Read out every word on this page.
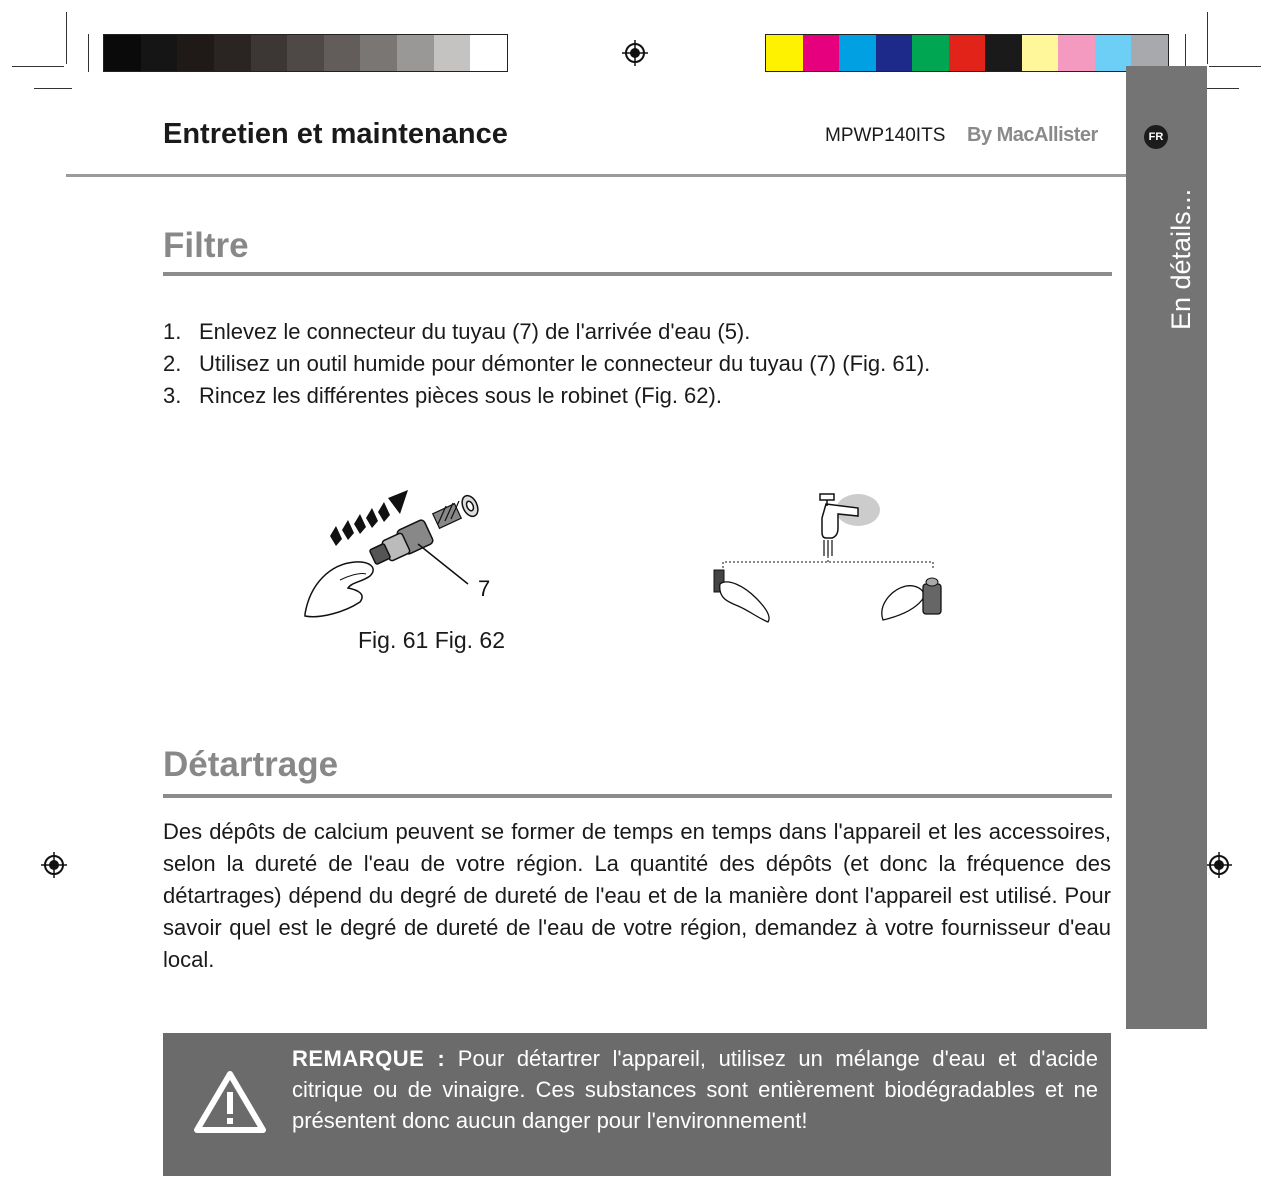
FR
En détails...
Entretien et maintenance	MPWP140ITS By MacAllister
Filtre
1. Enlevez le connecteur du tuyau (7) de l'arrivée d'eau (5).
2. Utilisez un outil humide pour démonter le connecteur du tuyau (7) (Fig. 61).
3. Rincez les différentes pièces sous le robinet (Fig. 62).
7
Fig. 61 Fig. 62
Détartrage

Des dépôts de calcium peuvent se former de temps en temps dans l'appareil et les accessoires, selon la dureté de l'eau de votre région. La quantité des dépôts (et donc la fréquence des détartrages) dépend du degré de dureté de l'eau et de la manière dont l'appareil est utilisé. Pour savoir quel est le degré de dureté de l'eau de votre région, demandez à votre fournisseur d'eau local.

REMARQUE : Pour détartrer l'appareil, utilisez un mélange d'eau et d'acide citrique ou de vinaigre. Ces substances sont entièrement biodégradables et ne présentent donc aucun danger pour l'environnement!
